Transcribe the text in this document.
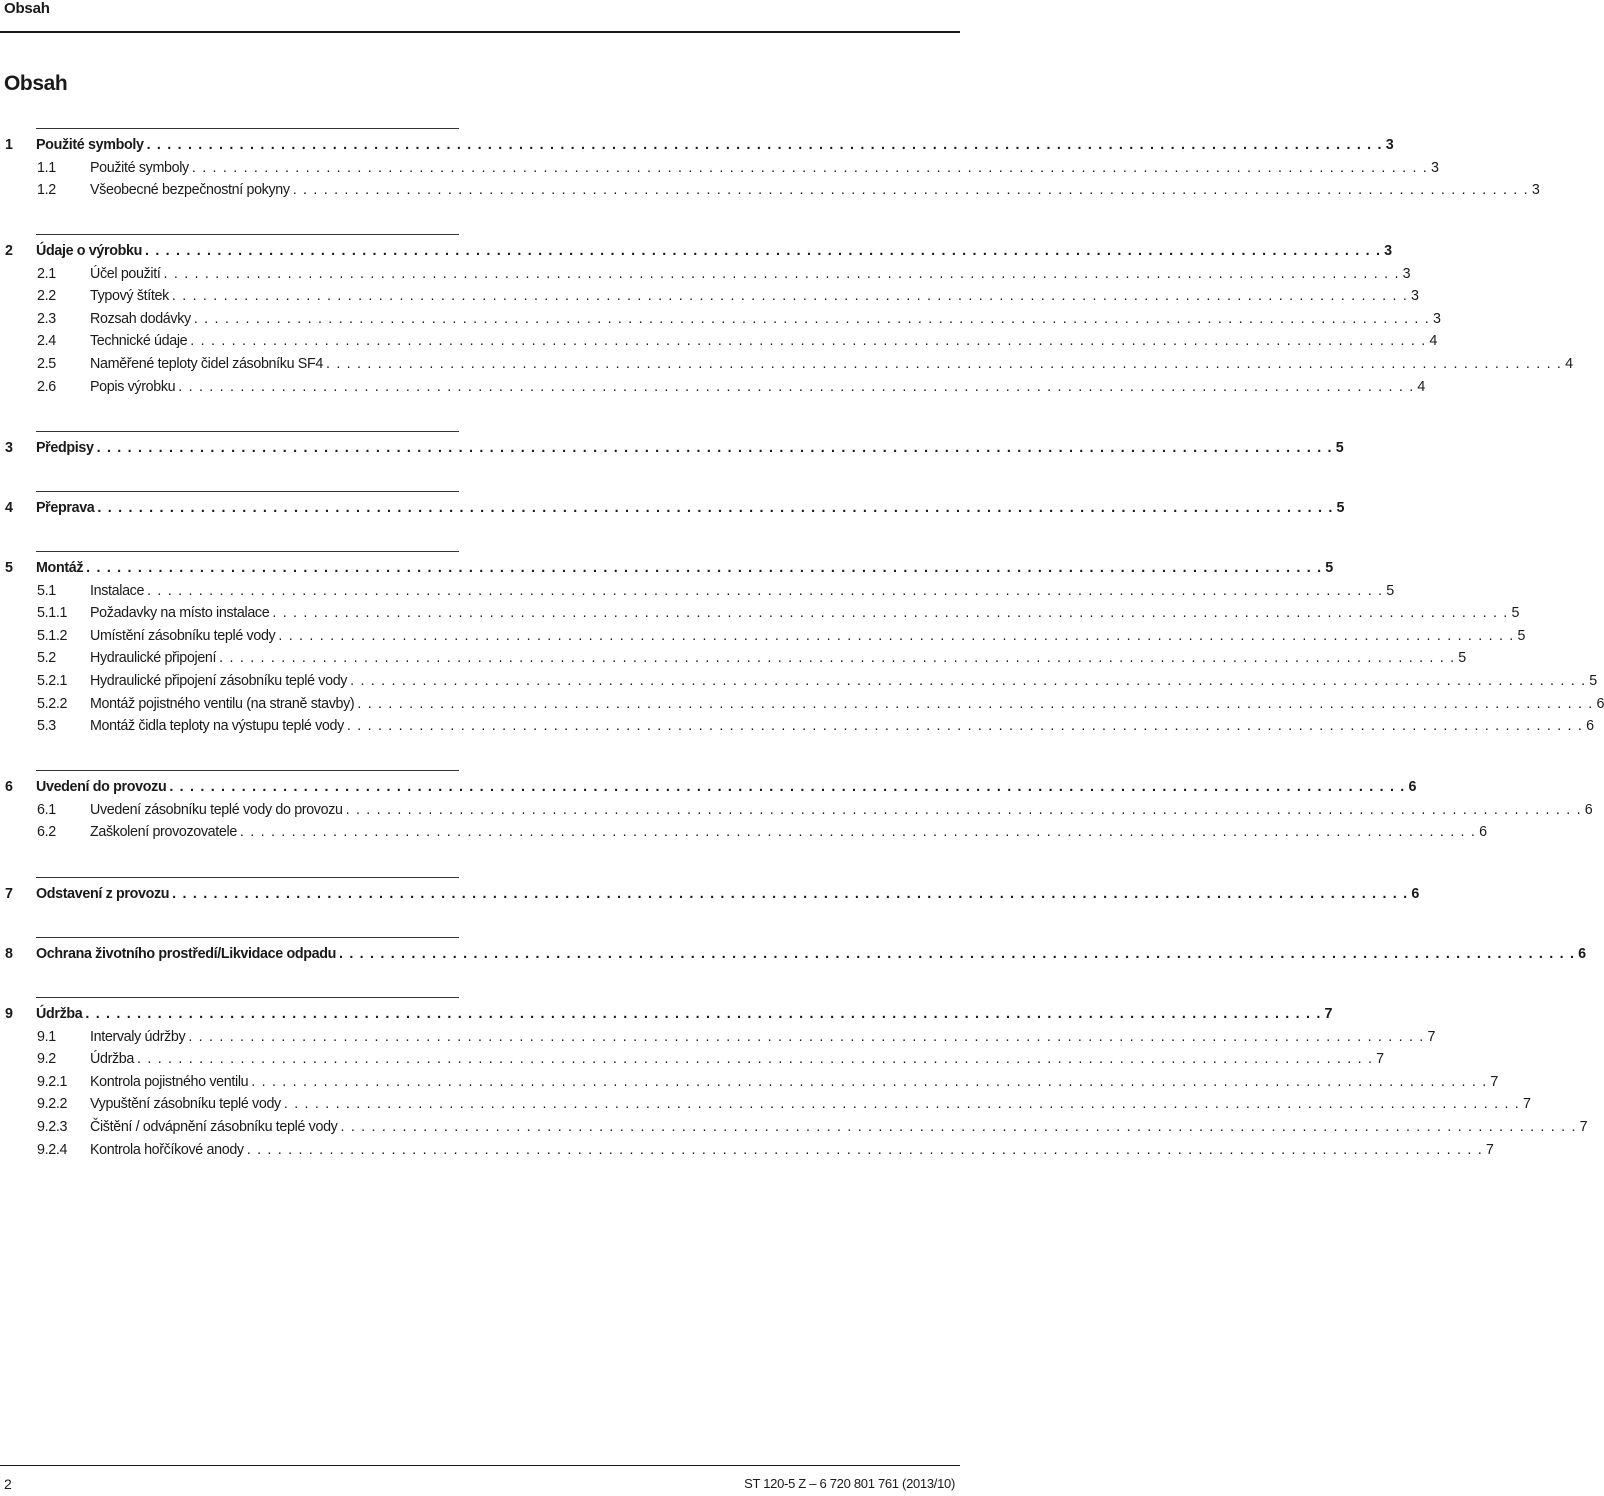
Obsah
Obsah
1 Použité symboly . . . . . . . . . . . . . . . . . . . . . . . . . . . . . . . . . . . . . . . . . . . . . . . . . . . . . . . . . . . . . . . . . . . . . . . . . . . . . . . . . . . . . . . . . . . . . . . . . . . . . . . . . . . . . . . . . . . . . . . . 3
1.1 Použité symboly . . . . . . . . . . . . . . . . . . . . . . . . . . . . . . . . . . . . . . . . . . . . . . . . . . . . . . . . . . . . . . . . . . . . . . . . . . . . . . . . . . . . . . . . . . . . . . . . . . . . . . . . . . . . . . . . . . . . . . . . 3
1.2 Všeobecné bezpečnostní pokyny . . . . . . . . . . . . . . . . . . . . . . . . . . . . . . . . . . . . . . . . . . . . . . . . . . . . . . . . . . . . . . . . . . . . . . . . . . . . . . . . . . . . . . . . . . . . . . . . . . . . . . . . . . . . . . . . . . . . . . . . 3
2 Údaje o výrobku . . . . . . . . . . . . . . . . . . . . . . . . . . . . . . . . . . . . . . . . . . . . . . . . . . . . . . . . . . . . . . . . . . . . . . . . . . . . . . . . . . . . . . . . . . . . . . . . . . . . . . . . . . . . . . . . . . . . . . . . 3
2.1 Účel použití . . . . . . . . . . . . . . . . . . . . . . . . . . . . . . . . . . . . . . . . . . . . . . . . . . . . . . . . . . . . . . . . . . . . . . . . . . . . . . . . . . . . . . . . . . . . . . . . . . . . . . . . . . . . . . . . . . . . . . . . 3
2.2 Typový štítek . . . . . . . . . . . . . . . . . . . . . . . . . . . . . . . . . . . . . . . . . . . . . . . . . . . . . . . . . . . . . . . . . . . . . . . . . . . . . . . . . . . . . . . . . . . . . . . . . . . . . . . . . . . . . . . . . . . . . . . . 3
2.3 Rozsah dodávky . . . . . . . . . . . . . . . . . . . . . . . . . . . . . . . . . . . . . . . . . . . . . . . . . . . . . . . . . . . . . . . . . . . . . . . . . . . . . . . . . . . . . . . . . . . . . . . . . . . . . . . . . . . . . . . . . . . . . . . . 3
2.4 Technické údaje . . . . . . . . . . . . . . . . . . . . . . . . . . . . . . . . . . . . . . . . . . . . . . . . . . . . . . . . . . . . . . . . . . . . . . . . . . . . . . . . . . . . . . . . . . . . . . . . . . . . . . . . . . . . . . . . . . . . . . . . 4
2.5 Naměřené teploty čidel zásobníku SF4 . . . . . . . . . . . . . . . . . . . . . . . . . . . . . . . . . . . . . . . . . . . . . . . . . . . . . . . . . . . . . . . . . . . . . . . . . . . . . . . . . . . . . . . . . . . . . . . . . . . . . . . . . . . . . . . . . . . . . . . . 4
2.6 Popis výrobku . . . . . . . . . . . . . . . . . . . . . . . . . . . . . . . . . . . . . . . . . . . . . . . . . . . . . . . . . . . . . . . . . . . . . . . . . . . . . . . . . . . . . . . . . . . . . . . . . . . . . . . . . . . . . . . . . . . . . . . . 4
3 Předpisy . . . . . . . . . . . . . . . . . . . . . . . . . . . . . . . . . . . . . . . . . . . . . . . . . . . . . . . . . . . . . . . . . . . . . . . . . . . . . . . . . . . . . . . . . . . . . . . . . . . . . . . . . . . . . . . . . . . . . . . . 5
4 Přeprava . . . . . . . . . . . . . . . . . . . . . . . . . . . . . . . . . . . . . . . . . . . . . . . . . . . . . . . . . . . . . . . . . . . . . . . . . . . . . . . . . . . . . . . . . . . . . . . . . . . . . . . . . . . . . . . . . . . . . . . . 5
5 Montáž . . . . . . . . . . . . . . . . . . . . . . . . . . . . . . . . . . . . . . . . . . . . . . . . . . . . . . . . . . . . . . . . . . . . . . . . . . . . . . . . . . . . . . . . . . . . . . . . . . . . . . . . . . . . . . . . . . . . . . . . 5
5.1 Instalace . . . . . . . . . . . . . . . . . . . . . . . . . . . . . . . . . . . . . . . . . . . . . . . . . . . . . . . . . . . . . . . . . . . . . . . . . . . . . . . . . . . . . . . . . . . . . . . . . . . . . . . . . . . . . . . . . . . . . . . . 5
5.1.1 Požadavky na místo instalace . . . . . . . . . . . . . . . . . . . . . . . . . . . . . . . . . . . . . . . . . . . . . . . . . . . . . . . . . . . . . . . . . . . . . . . . . . . . . . . . . . . . . . . . . . . . . . . . . . . . . . . . . . . . . . . . . . . . . . . . 5
5.1.2 Umístění zásobníku teplé vody . . . . . . . . . . . . . . . . . . . . . . . . . . . . . . . . . . . . . . . . . . . . . . . . . . . . . . . . . . . . . . . . . . . . . . . . . . . . . . . . . . . . . . . . . . . . . . . . . . . . . . . . . . . . . . . . . . . . . . . . 5
5.2 Hydraulické připojení . . . . . . . . . . . . . . . . . . . . . . . . . . . . . . . . . . . . . . . . . . . . . . . . . . . . . . . . . . . . . . . . . . . . . . . . . . . . . . . . . . . . . . . . . . . . . . . . . . . . . . . . . . . . . . . . . . . . . . . . 5
5.2.1 Hydraulické připojení zásobníku teplé vody . . . . . . . . . . . . . . . . . . . . . . . . . . . . . . . . . . . . . . . . . . . . . . . . . . . . . . . . . . . . . . . . . . . . . . . . . . . . . . . . . . . . . . . . . . . . . . . . . . . . . . . . . . . . . . . . . . . . . . . . 5
5.2.2 Montáž pojistného ventilu (na straně stavby) . . . . . . . . . . . . . . . . . . . . . . . . . . . . . . . . . . . . . . . . . . . . . . . . . . . . . . . . . . . . . . . . . . . . . . . . . . . . . . . . . . . . . . . . . . . . . . . . . . . . . . . . . . . . . . . . . . . . . . . . 6
5.3 Montáž čidla teploty na výstupu teplé vody . . . . . . . . . . . . . . . . . . . . . . . . . . . . . . . . . . . . . . . . . . . . . . . . . . . . . . . . . . . . . . . . . . . . . . . . . . . . . . . . . . . . . . . . . . . . . . . . . . . . . . . . . . . . . . . . . . . . . . . . 6
6 Uvedení do provozu . . . . . . . . . . . . . . . . . . . . . . . . . . . . . . . . . . . . . . . . . . . . . . . . . . . . . . . . . . . . . . . . . . . . . . . . . . . . . . . . . . . . . . . . . . . . . . . . . . . . . . . . . . . . . . . . . . . . . . . . 6
6.1 Uvedení zásobníku teplé vody do provozu . . . . . . . . . . . . . . . . . . . . . . . . . . . . . . . . . . . . . . . . . . . . . . . . . . . . . . . . . . . . . . . . . . . . . . . . . . . . . . . . . . . . . . . . . . . . . . . . . . . . . . . . . . . . . . . . . . . . . . . . 6
6.2 Zaškolení provozovatele . . . . . . . . . . . . . . . . . . . . . . . . . . . . . . . . . . . . . . . . . . . . . . . . . . . . . . . . . . . . . . . . . . . . . . . . . . . . . . . . . . . . . . . . . . . . . . . . . . . . . . . . . . . . . . . . . . . . . . . . 6
7 Odstavení z provozu . . . . . . . . . . . . . . . . . . . . . . . . . . . . . . . . . . . . . . . . . . . . . . . . . . . . . . . . . . . . . . . . . . . . . . . . . . . . . . . . . . . . . . . . . . . . . . . . . . . . . . . . . . . . . . . . . . . . . . . . 6
8 Ochrana životního prostředí/Likvidace odpadu . . . . . . . . . . . . . . . . . . . . . . . . . . . . . . . . . . . . . . . . . . . . . . . . . . . . . . . . . . . . . . . . . . . . . . . . . . . . . . . . . . . . . . . . . . . . . . . . . . . . . . . . . . . . . . . . . . . . . . . . 6
9 Údržba . . . . . . . . . . . . . . . . . . . . . . . . . . . . . . . . . . . . . . . . . . . . . . . . . . . . . . . . . . . . . . . . . . . . . . . . . . . . . . . . . . . . . . . . . . . . . . . . . . . . . . . . . . . . . . . . . . . . . . . . 7
9.1 Intervaly údržby . . . . . . . . . . . . . . . . . . . . . . . . . . . . . . . . . . . . . . . . . . . . . . . . . . . . . . . . . . . . . . . . . . . . . . . . . . . . . . . . . . . . . . . . . . . . . . . . . . . . . . . . . . . . . . . . . . . . . . . . 7
9.2 Údržba . . . . . . . . . . . . . . . . . . . . . . . . . . . . . . . . . . . . . . . . . . . . . . . . . . . . . . . . . . . . . . . . . . . . . . . . . . . . . . . . . . . . . . . . . . . . . . . . . . . . . . . . . . . . . . . . . . . . . . . . 7
9.2.1 Kontrola pojistného ventilu . . . . . . . . . . . . . . . . . . . . . . . . . . . . . . . . . . . . . . . . . . . . . . . . . . . . . . . . . . . . . . . . . . . . . . . . . . . . . . . . . . . . . . . . . . . . . . . . . . . . . . . . . . . . . . . . . . . . . . . . 7
9.2.2 Vypuštění zásobníku teplé vody . . . . . . . . . . . . . . . . . . . . . . . . . . . . . . . . . . . . . . . . . . . . . . . . . . . . . . . . . . . . . . . . . . . . . . . . . . . . . . . . . . . . . . . . . . . . . . . . . . . . . . . . . . . . . . . . . . . . . . . . 7
9.2.3 Čištění / odvápnění zásobníku teplé vody . . . . . . . . . . . . . . . . . . . . . . . . . . . . . . . . . . . . . . . . . . . . . . . . . . . . . . . . . . . . . . . . . . . . . . . . . . . . . . . . . . . . . . . . . . . . . . . . . . . . . . . . . . . . . . . . . . . . . . . . 7
9.2.4 Kontrola hořčíkové anody . . . . . . . . . . . . . . . . . . . . . . . . . . . . . . . . . . . . . . . . . . . . . . . . . . . . . . . . . . . . . . . . . . . . . . . . . . . . . . . . . . . . . . . . . . . . . . . . . . . . . . . . . . . . . . . . . . . . . . . . 7
2	ST 120-5 Z – 6 720 801 761 (2013/10)
